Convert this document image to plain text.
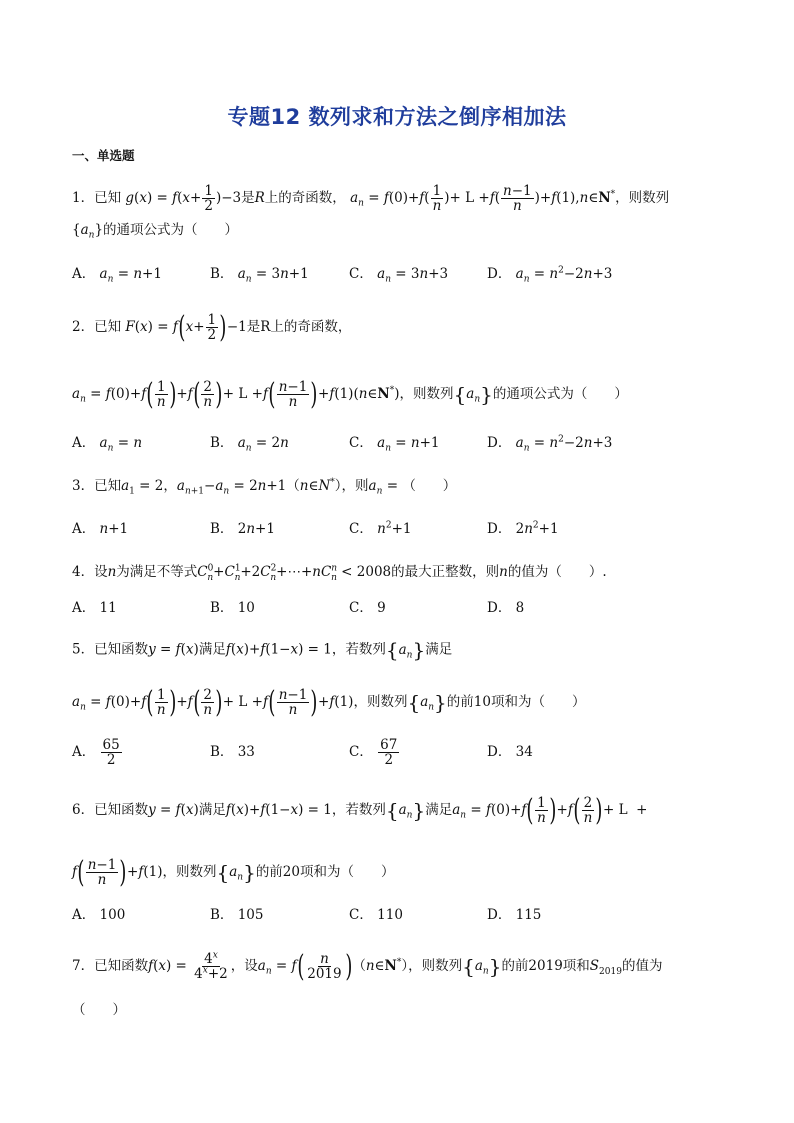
专题12 数列求和方法之倒序相加法
一、单选题
1．已知 $g(x) = f(x+ \frac{1}{2} )-3$是R上的奇函数， $a_n = f(0)+f( \frac{1}{n}$ )+ $L +f( \frac{n-1}{n}$ )+f(1),n∈N*，则数列
$\{a_n\}$的通项公式为（　　）
A． $a_n = n+1$	B． $a_n = 3n+1$	C． $a_n = 3n+3$	D． $a_n = n^2-2n+3$
2．已知 $F(x) = f(x+ \frac{1}{2} )-1$是R上的奇函数，
$a_n = f(0)+f( \frac{1}{n} )+f( \frac{2}{n}$ )+ $L +f( \frac{n-1}{n}$ )+f(1)(n∈N*)，则数列$\{a_n\}$的通项公式为（　　）
A． $a_n = n$	B． $a_n = 2n$	C． $a_n = n+1$	D． $a_n = n^2-2n+3$
3．已知$a_1 = 2$，$a_{n+1}-a_n$ = 2n+1（n∈N*），则$a_n$ = （　　）
A． n+1	B． 2n+1	C． $n^2+1$	D． $2n^2+1$
4．设n为满足不等式$C^0_n+C^1_n+2C^2_n+\cdots+nC^n_n < 2008$的最大正整数，则n的值为（　　）.
A． 11	B． 10	C． 9	D． 8
5．已知函数y = f(x)满足f(x)+f(1−x) = 1，若数列$\{a_n\}$满足
$a_n = f(0)+f( \frac{1}{n} )+f( \frac{2}{n}$ )+ $L +f( \frac{n-1}{n} )+f(1)$，则数列$\{a_n\}$的前10项和为（　　）
A． $\frac{65}{2}$	B． 33	C． $\frac{67}{2}$	D． 34
6．已知函数y = f(x)满足f(x)+f(1−x) = 1，若数列$\{a_n\}$满足$a_n = f(0)+f( \frac{1}{n} )+f( \frac{2}{n}$ )+ L  +
$f( \frac{n-1}{n} )+f(1)$，则数列$\{a_n\}$的前20项和为（　　）
A． 100	B． 105	C． 110	D． 115
7．已知函数$f(x) = \frac{4^x}{4^x+2}$ ，设$a_n = f( \frac{n}{2019}$ )（n∈N*），则数列$\{a_n\}$的前2019项和$S_{2019}$的值为
（　　）
